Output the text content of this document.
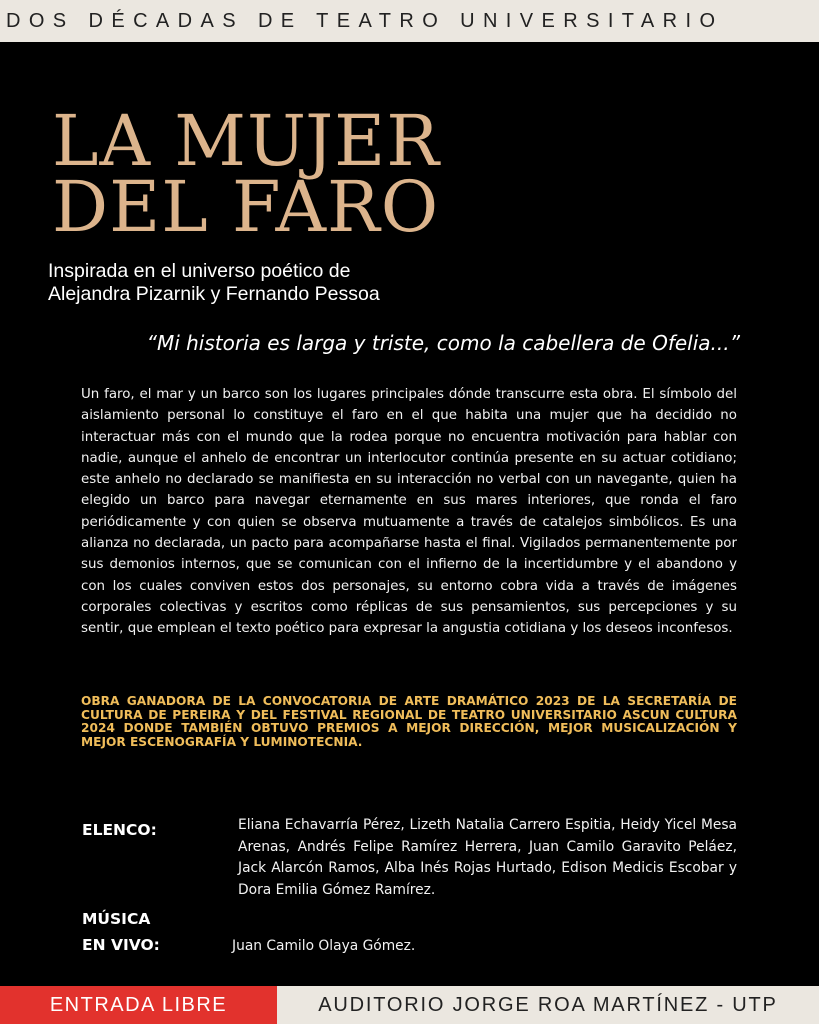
DOS DÉCADAS DE TEATRO UNIVERSITARIO
LA MUJER
DEL FARO
Inspirada en el universo poético de
Alejandra Pizarnik y Fernando Pessoa
“Mi historia es larga y triste, como la cabellera de Ofelia...”

Un faro, el mar y un barco son los lugares principales dónde transcurre esta obra. El símbolo del aislamiento personal lo constituye el faro en el que habita una mujer que ha decidido no interactuar más con el mundo que la rodea porque no encuentra motivación para hablar con nadie, aunque el anhelo de encontrar un interlocutor continúa presente en su actuar cotidiano; este anhelo no declarado se manifiesta en su interacción no verbal con un navegante, quien ha elegido un barco para navegar eternamente en sus mares interiores, que ronda el faro periódicamente y con quien se observa mutuamente a través de catalejos simbólicos. Es una alianza no declarada, un pacto para acompañarse hasta el final. Vigilados permanentemente por sus demonios internos, que se comunican con el infierno de la incertidumbre y el abandono y con los cuales conviven estos dos personajes, su entorno cobra vida a través de imágenes corporales colectivas y escritos como réplicas de sus pensamientos, sus percepciones y su sentir, que emplean el texto poético para expresar la angustia cotidiana y los deseos inconfesos.

OBRA GANADORA DE LA CONVOCATORIA DE ARTE DRAMÁTICO 2023 DE LA SECRETARÍA DE CULTURA DE PEREIRA Y DEL FESTIVAL REGIONAL DE TEATRO UNIVERSITARIO ASCUN CULTURA 2024 DONDE TAMBIÉN OBTUVO PREMIOS A MEJOR DIRECCIÓN, MEJOR MUSICALIZACIÓN Y MEJOR ESCENOGRAFÍA Y LUMINOTECNIA.

ELENCO:	Eliana Echavarría Pérez, Lizeth Natalia Carrero Espitia, Heidy Yicel Mesa Arenas, Andrés Felipe Ramírez Herrera, Juan Camilo Garavito Peláez, Jack Alarcón Ramos, Alba Inés Rojas Hurtado, Edison Medicis Escobar y Dora Emilia Gómez Ramírez.
MÚSICA
EN VIVO:	Juan Camilo Olaya Gómez.
ENTRADA LIBRE	AUDITORIO JORGE ROA MARTÍNEZ - UTP
